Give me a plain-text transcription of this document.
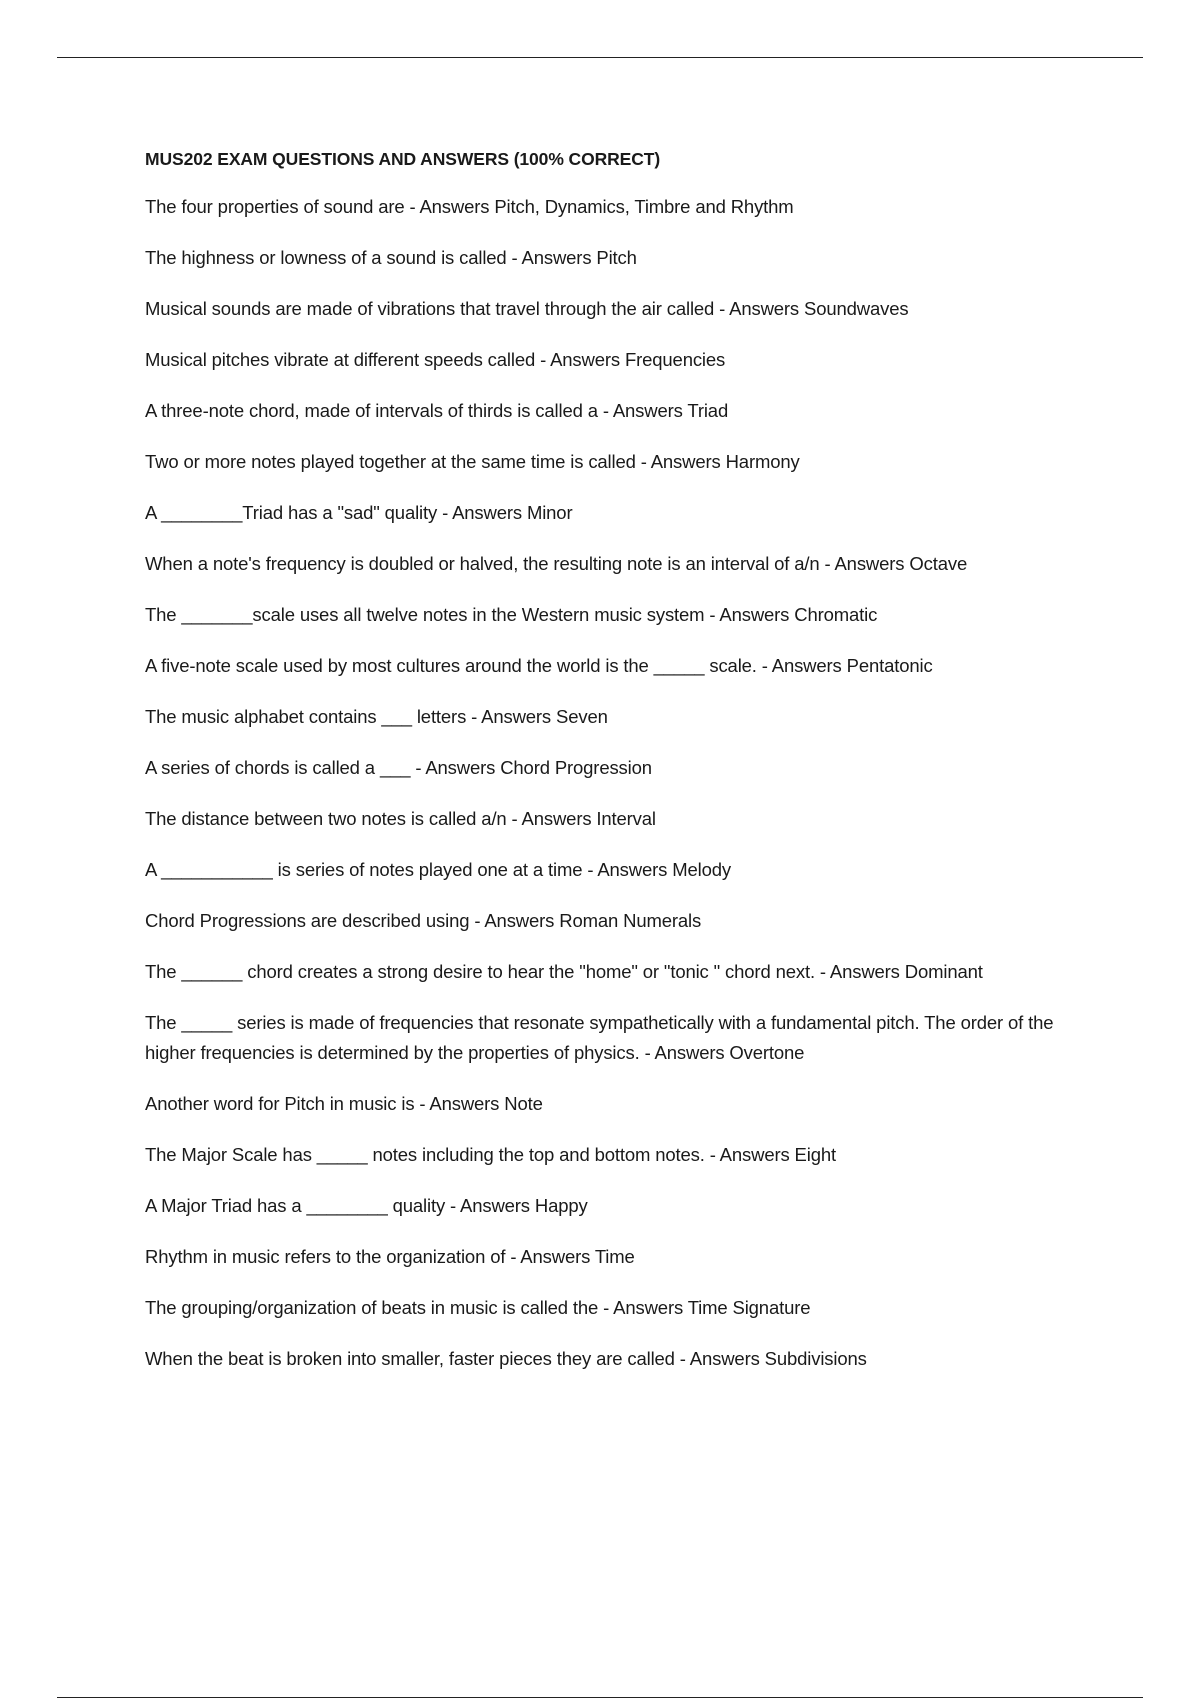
MUS202 EXAM QUESTIONS AND ANSWERS (100% CORRECT)
The four properties of sound are - Answers Pitch, Dynamics, Timbre and Rhythm
The highness or lowness of a sound is called - Answers Pitch
Musical sounds are made of vibrations that travel through the air called - Answers Soundwaves
Musical pitches vibrate at different speeds called - Answers Frequencies
A three-note chord, made of intervals of thirds is called a - Answers Triad
Two or more notes played together at the same time is called - Answers Harmony
A ________Triad has a "sad" quality - Answers Minor
When a note's frequency is doubled or halved, the resulting note is an interval of a/n - Answers Octave
The _______scale uses all twelve notes in the Western music system - Answers Chromatic
A five-note scale used by most cultures around the world is the _____ scale. - Answers Pentatonic
The music alphabet contains ___ letters - Answers Seven
A series of chords is called a ___ - Answers Chord Progression
The distance between two notes is called a/n - Answers Interval
A ___________ is series of notes played one at a time - Answers Melody
Chord Progressions are described using - Answers Roman Numerals
The ______ chord creates a strong desire to hear the "home" or "tonic " chord next. - Answers Dominant
The _____ series is made of frequencies that resonate sympathetically with a fundamental pitch. The order of the higher frequencies is determined by the properties of physics. - Answers Overtone
Another word for Pitch in music is - Answers Note
The Major Scale has _____ notes including the top and bottom notes. - Answers Eight
A Major Triad has a ________ quality - Answers Happy
Rhythm in music refers to the organization of - Answers Time
The grouping/organization of beats in music is called the - Answers Time Signature
When the beat is broken into smaller, faster pieces they are called - Answers Subdivisions
